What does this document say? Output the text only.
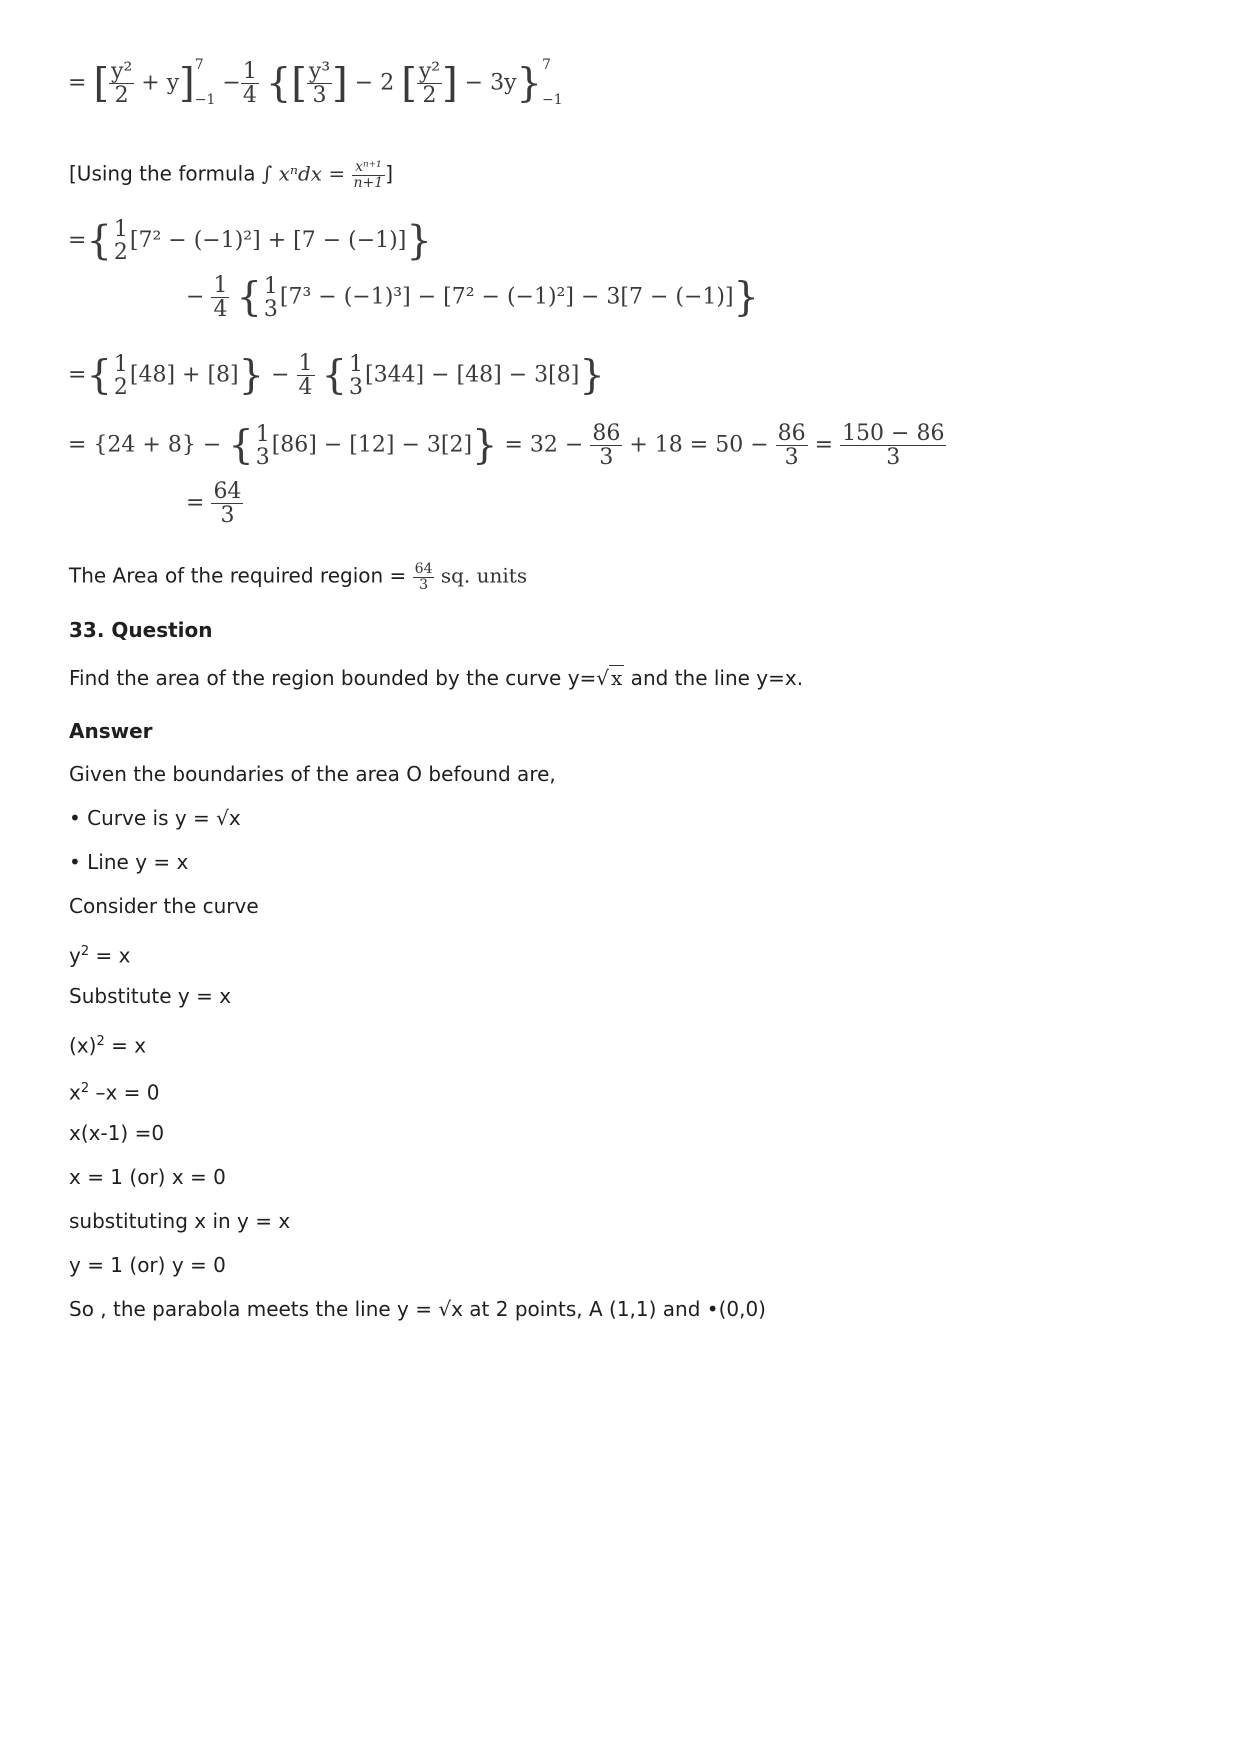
= [ $\frac{\text{y²}}{2} + y$] 7
−1
− $\frac{1}{4}$ {[ $\frac{\text{y³}}{3}$ ] − 2 [ $\frac{\text{y²}}{2}$ ] − 3y} 7
−1
[Using the formula ∫ $x^ndx = \frac{\text{xⁿ⁺¹}}{n+1}$ ]
={ 1
2 [7² − (−1)²] + [7 − (−1)]}
− $\frac{1}{4}$ { 1
3 [7³ − (−1)³] − [7² − (−1)²] − 3[7 − (−1)]}
={ 1
2 $[48] + [8]\} - \frac{1}{4}$ { 1
3 [344] − [48] − 3[8]}
= {24 + 8} − { 1
3 $[86] - [12] - 3[2]\} = 32 - \frac{86}{3} + 18 = 50 - \frac{86}{3} = \frac{150 - 86}{3}$
= $\frac{64}{3}$
The Area of the required region = $\frac{64}{3}$ sq. units
33. Question
Find the area of the region bounded by the curve y=√ x and the line y=x.
Answer
Given the boundaries of the area O befound are,
• Curve is y = √x
• Line y = x
Consider the curve
$y^2 = x$
Substitute y = x
$(x)^2 = x$
$x^2$ –x = 0
x(x-1) =0
x = 1 (or) x = 0
substituting x in y = x
y = 1 (or) y = 0
So , the parabola meets the line y = √x at 2 points, A (1,1) and •(0,0)
